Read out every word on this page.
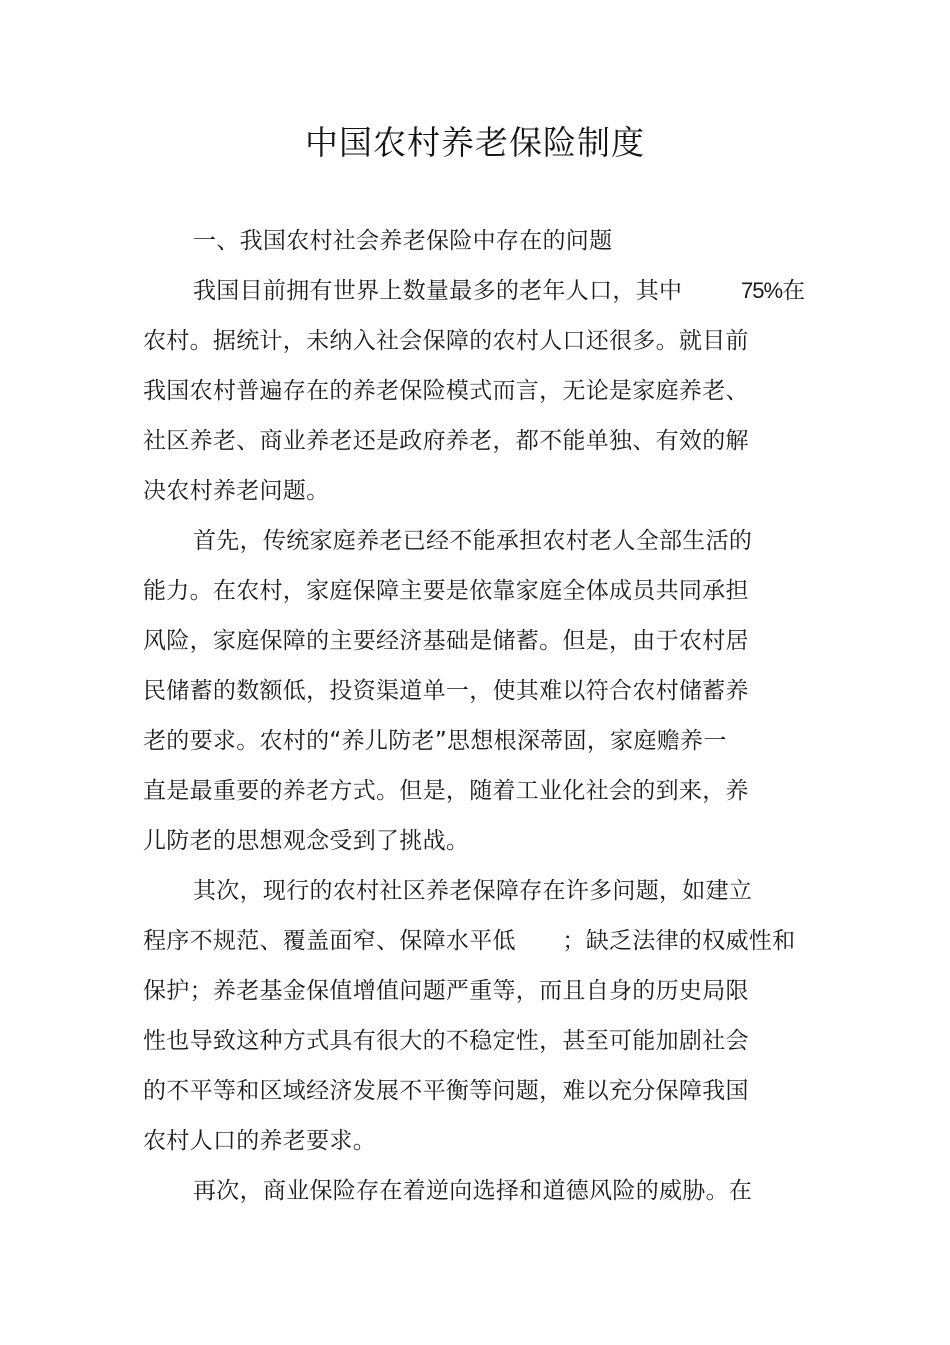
中国农村养老保险制度
一、我国农村社会养老保险中存在的问题
我国目前拥有世界上数量最多的老年人口，其中	75% 在
农村。据统计，未纳入社会保障的农村人口还很多。就目前
我国农村普遍存在的养老保险模式而言，无论是家庭养老、
社区养老、商业养老还是政府养老，都不能单独、有效的解
决农村养老问题。
首先，传统家庭养老已经不能承担农村老人全部生活的
能力。在农村，家庭保障主要是依靠家庭全体成员共同承担
风险，家庭保障的主要经济基础是储蓄。但是，由于农村居
民储蓄的数额低，投资渠道单一，使其难以符合农村储蓄养
老的要求。农村的“养儿防老”思想根深蒂固，家庭赡养一
直是最重要的养老方式。但是，随着工业化社会的到来，养
儿防老的思想观念受到了挑战。
其次，现行的农村社区养老保障存在许多问题，如建立
程序不规范、覆盖面窄、保障水平低　　；缺乏法律的权威性和
保护；养老基金保值增值问题严重等，而且自身的历史局限
性也导致这种方式具有很大的不稳定性，甚至可能加剧社会
的不平等和区域经济发展不平衡等问题，难以充分保障我国
农村人口的养老要求。
再次，商业保险存在着逆向选择和道德风险的威胁。在
